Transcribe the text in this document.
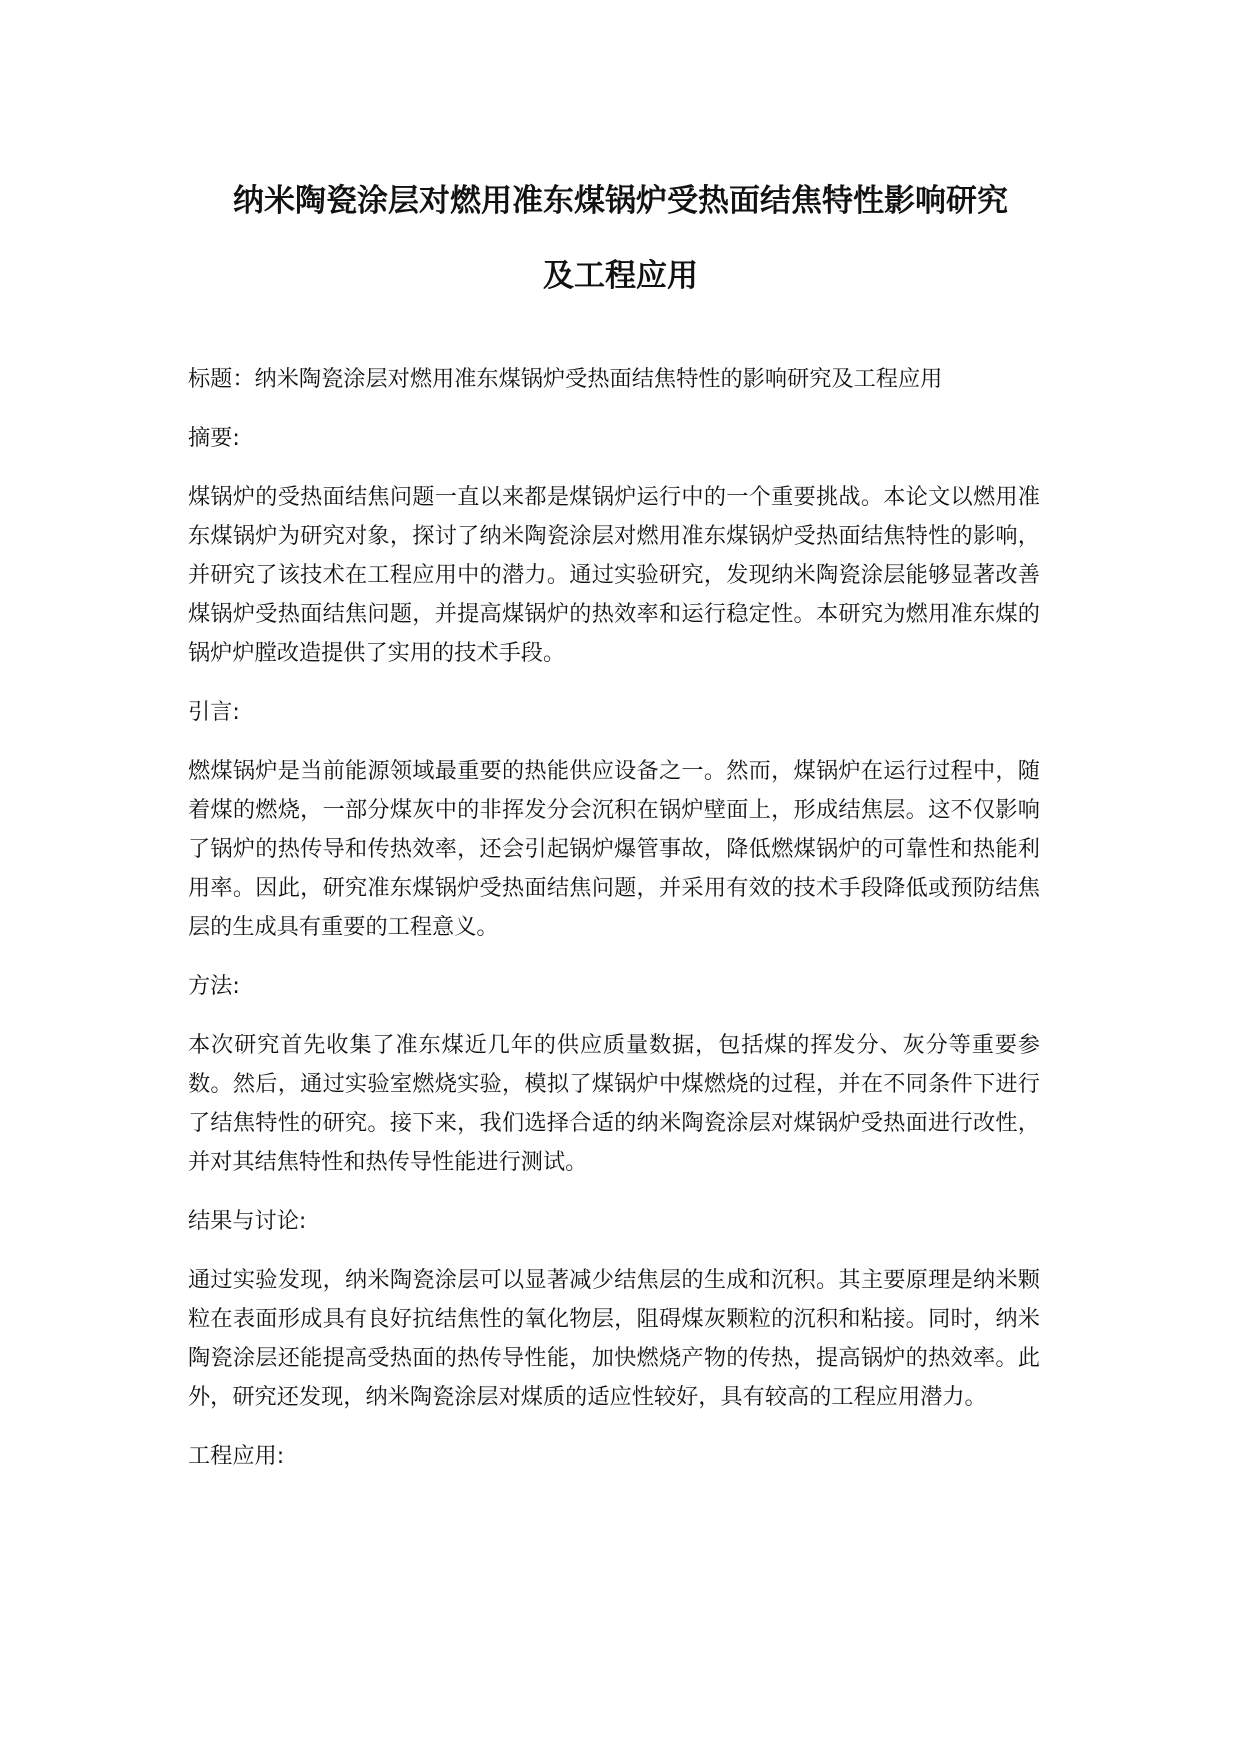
纳米陶瓷涂层对燃用准东煤锅炉受热面结焦特性影响研究
及工程应用

标题：纳米陶瓷涂层对燃用准东煤锅炉受热面结焦特性的影响研究及工程应用

摘要:

煤锅炉的受热面结焦问题一直以来都是煤锅炉运行中的一个重要挑战。本论文以燃用准东煤锅炉为研究对象，探讨了纳米陶瓷涂层对燃用准东煤锅炉受热面结焦特性的影响，并研究了该技术在工程应用中的潜力。通过实验研究，发现纳米陶瓷涂层能够显著改善煤锅炉受热面结焦问题，并提高煤锅炉的热效率和运行稳定性。本研究为燃用准东煤的锅炉炉膛改造提供了实用的技术手段。

引言:

燃煤锅炉是当前能源领域最重要的热能供应设备之一。然而，煤锅炉在运行过程中，随着煤的燃烧，一部分煤灰中的非挥发分会沉积在锅炉壁面上，形成结焦层。这不仅影响了锅炉的热传导和传热效率，还会引起锅炉爆管事故，降低燃煤锅炉的可靠性和热能利用率。因此，研究准东煤锅炉受热面结焦问题，并采用有效的技术手段降低或预防结焦层的生成具有重要的工程意义。

方法:

本次研究首先收集了准东煤近几年的供应质量数据，包括煤的挥发分、灰分等重要参数。然后，通过实验室燃烧实验，模拟了煤锅炉中煤燃烧的过程，并在不同条件下进行了结焦特性的研究。接下来，我们选择合适的纳米陶瓷涂层对煤锅炉受热面进行改性，并对其结焦特性和热传导性能进行测试。

结果与讨论:

通过实验发现，纳米陶瓷涂层可以显著减少结焦层的生成和沉积。其主要原理是纳米颗粒在表面形成具有良好抗结焦性的氧化物层，阻碍煤灰颗粒的沉积和粘接。同时，纳米陶瓷涂层还能提高受热面的热传导性能，加快燃烧产物的传热，提高锅炉的热效率。此外，研究还发现，纳米陶瓷涂层对煤质的适应性较好，具有较高的工程应用潜力。

工程应用:
